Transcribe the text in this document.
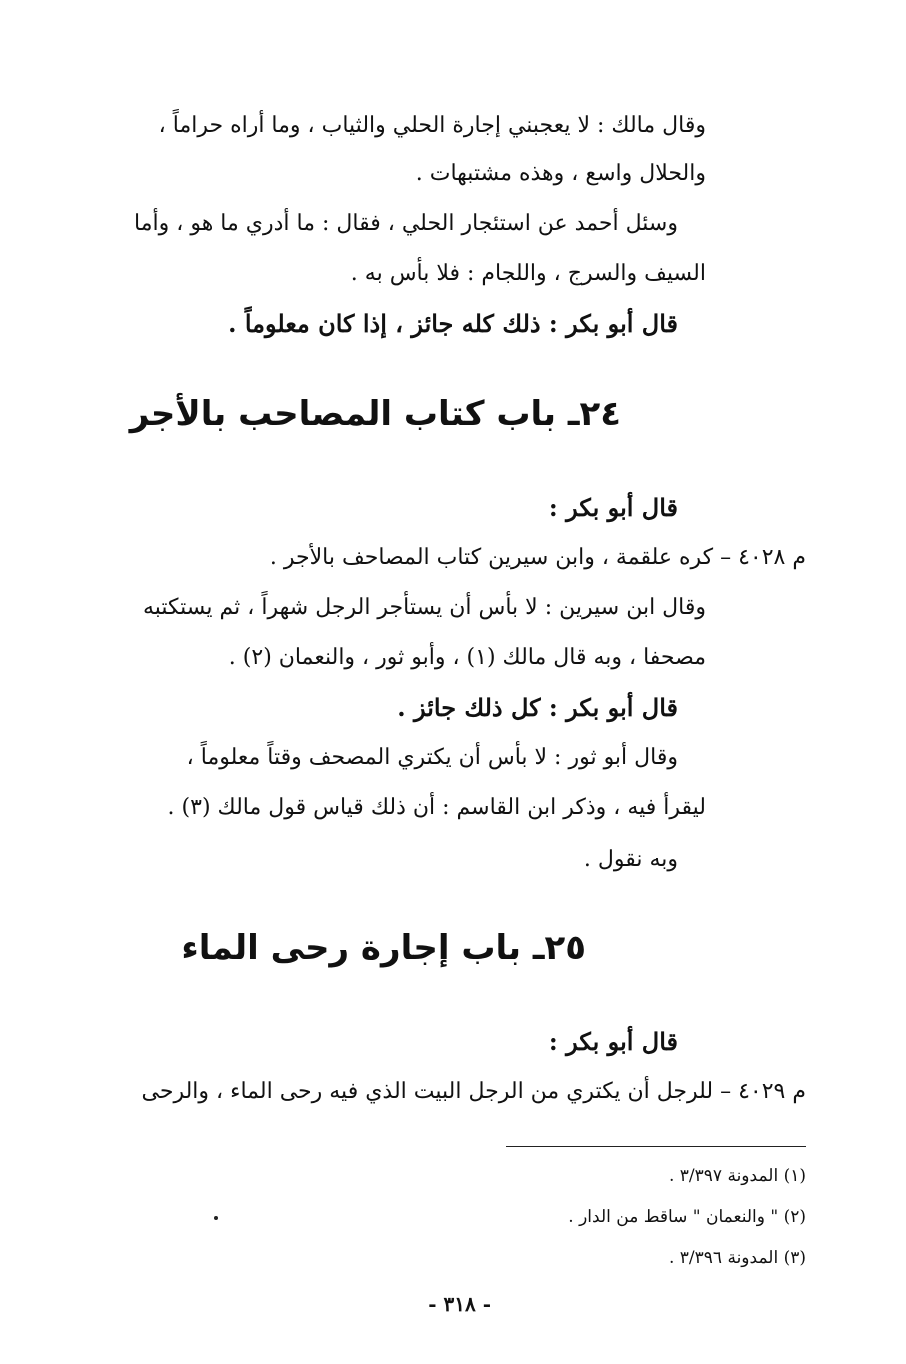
وقال مالك : لا يعجبني إجارة الحلي والثياب ، وما أراه حراماً ،
والحلال واسع ، وهذه مشتبهات .
وسئل أحمد عن استئجار الحلي ، فقال : ما أدري ما هو ، وأما
السيف والسرج ، واللجام : فلا بأس به .
قال أبو بكر : ذلك كله جائز ، إذا كان معلوماً .
٢٤ـ باب كتاب المصاحب بالأجر
قال أبو بكر :
م ٤٠٢٨ – كره علقمة ، وابن سيرين كتاب المصاحف بالأجر .
وقال ابن سيرين : لا بأس أن يستأجر الرجل شهراً ، ثم يستكتبه
مصحفا ، وبه قال مالك (١) ، وأبو ثور ، والنعمان (٢) .
قال أبو بكر : كل ذلك جائز .
وقال أبو ثور : لا بأس أن يكتري المصحف وقتاً معلوماً ،
ليقرأ فيه ، وذكر ابن القاسم : أن ذلك قياس قول مالك (٣) .
وبه نقول .
٢٥ـ باب إجارة رحى الماء
قال أبو بكر :
م ٤٠٢٩ – للرجل أن يكتري من الرجل البيت الذي فيه رحى الماء ، والرحى
(١) المدونة ٣/٣٩٧ .
(٢) " والنعمان " ساقط من الدار .
(٣) المدونة ٣/٣٩٦ .
- ٣١٨ -
